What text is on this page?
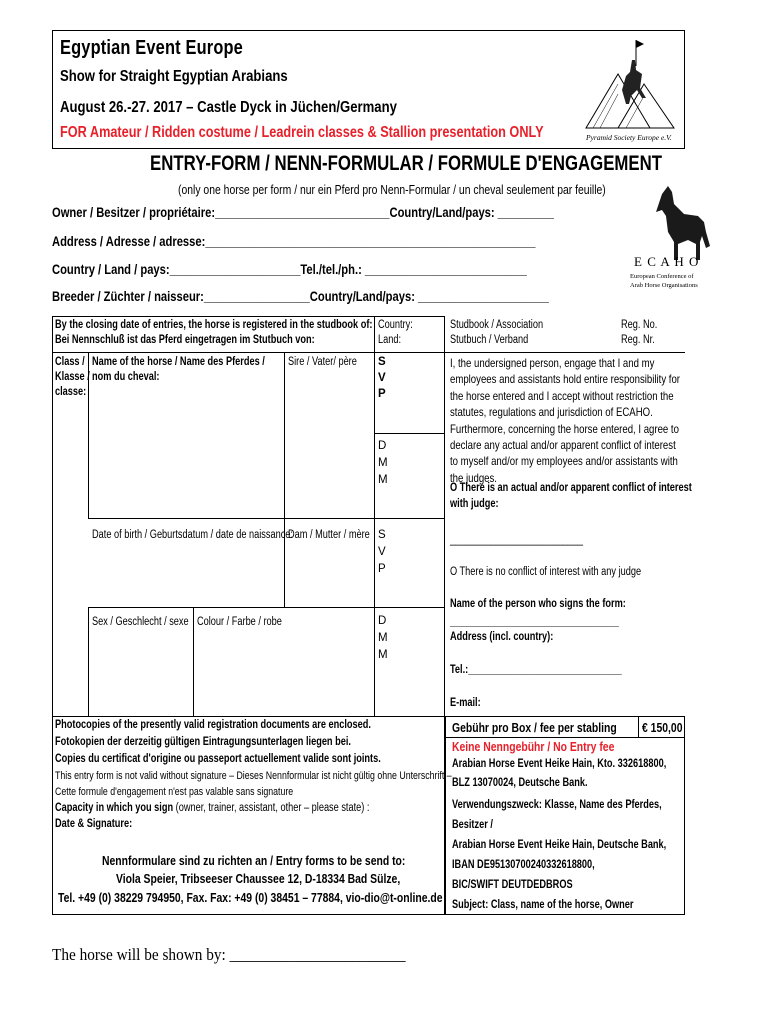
Egyptian Event Europe
Show for Straight Egyptian Arabians
August 26.-27. 2017 – Castle Dyck in Jüchen/Germany
FOR Amateur / Ridden costume / Leadrein classes & Stallion presentation ONLY	Pyramid Society Europe e.V.
ENTRY-FORM / NENN-FORMULAR / FORMULE D'ENGAGEMENT
(only one horse per form / nur ein Pferd pro Nenn-Formular / un cheval seulement par feuille)
Owner / Besitzer / propriétaire:____________________________Country/Land/pays: _________
Address / Adresse / adresse:_____________________________________________________
Country / Land / pays:_____________________Tel./tel./ph.: __________________________
Breeder / Züchter / naisseur:_________________Country/Land/pays: _____________________
E C A H O
European Conference of
Arab Horse Organisations
By the closing date of entries, the horse is registered in the studbook of:
Bei Nennschluß ist das Pferd eingetragen im Stutbuch von:
Country:
Land:
Class /
Klasse /
classe:
Name of the horse / Name des Pferdes /
nom du cheval:
Sire / Vater/ père S
V
P
D
M
M
Date of birth / Geburtsdatum / date de naissance:
Dam / Mutter / mère S
V
P
Sex / Geschlecht / sexe Colour / Farbe / robe	D
M
M
Studbook / Association
Stutbuch / Verband
Reg. No.
Reg. Nr.
I, the undersigned person, engage that I and my employees and assistants hold entire responsibility for the horse entered and I accept without restriction the statutes, regulations and jurisdiction of ECAHO. Furthermore, concerning the horse entered, I agree to declare any actual and/or apparent conflict of interest to myself and/or my employees and/or assistants with the judges.
O There is an actual and/or apparent conflict of interest
with judge:
__________________________
O There is no conflict of interest with any judge
Name of the person who signs the form:
_________________________________
Address (incl. country):
Tel.:______________________________
E-mail:
Photocopies of the presently valid registration documents are enclosed.
Fotokopien der derzeitig gültigen Eintragungsunterlagen liegen bei.
Copies du certificat d'origine ou passeport actuellement valide sont joints.
This entry form is not valid without signature – Dieses Nennformular ist nicht gültig ohne Unterschrift –
Cette formule d'engagement n'est pas valable sans signature
Capacity in which you sign (owner, trainer, assistant, other – please state) :
Date & Signature:
Nennformulare sind zu richten an / Entry forms to be send to:
Viola Speier, Tribseeser Chaussee 12, D-18334 Bad Sülze,
Tel. +49 (0) 38229 794950, Fax. Fax: +49 (0) 38451 – 77884, vio-dio@t-online.de
Gebühr pro Box / fee per stabling € 150,00
Keine Nenngebühr / No Entry fee
Arabian Horse Event Heike Hain, Kto. 332618800,
BLZ 13070024, Deutsche Bank.
Verwendungszweck: Klasse, Name des Pferdes,
Besitzer /
Arabian Horse Event Heike Hain, Deutsche Bank,
IBAN DE95130700240332618800,
BIC/SWIFT DEUTDEDBROS
Subject: Class, name of the horse, Owner
The horse will be shown by: _______________________
